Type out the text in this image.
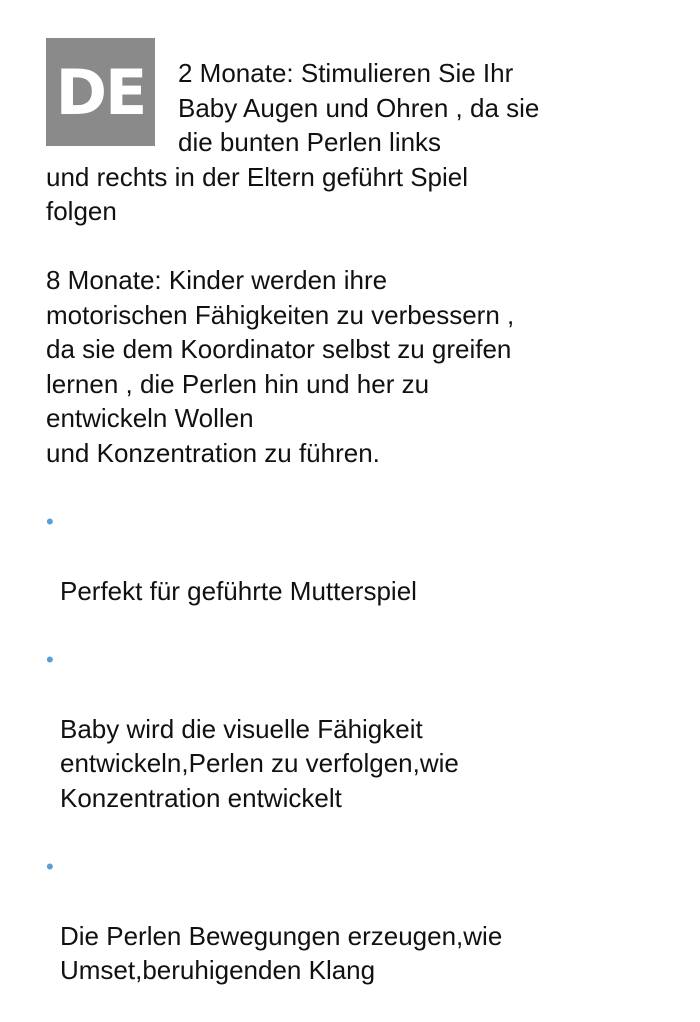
DE	2 Monate: Stimulieren Sie Ihr
Baby Augen und Ohren , da sie
die bunten Perlen links
und rechts in der Eltern geführt Spiel
folgen

8 Monate: Kinder werden ihre
motorischen Fähigkeiten zu verbessern ,
da sie dem Koordinator selbst zu greifen
lernen , die Perlen hin und her zu
entwickeln Wollen
und Konzentration zu führen.

•

Perfekt für geführte Mutterspiel

•

Baby wird die visuelle Fähigkeit
entwickeln,Perlen zu verfolgen,wie
Konzentration entwickelt

•

Die Perlen Bewegungen erzeugen,wie
Umset,beruhigenden Klang
